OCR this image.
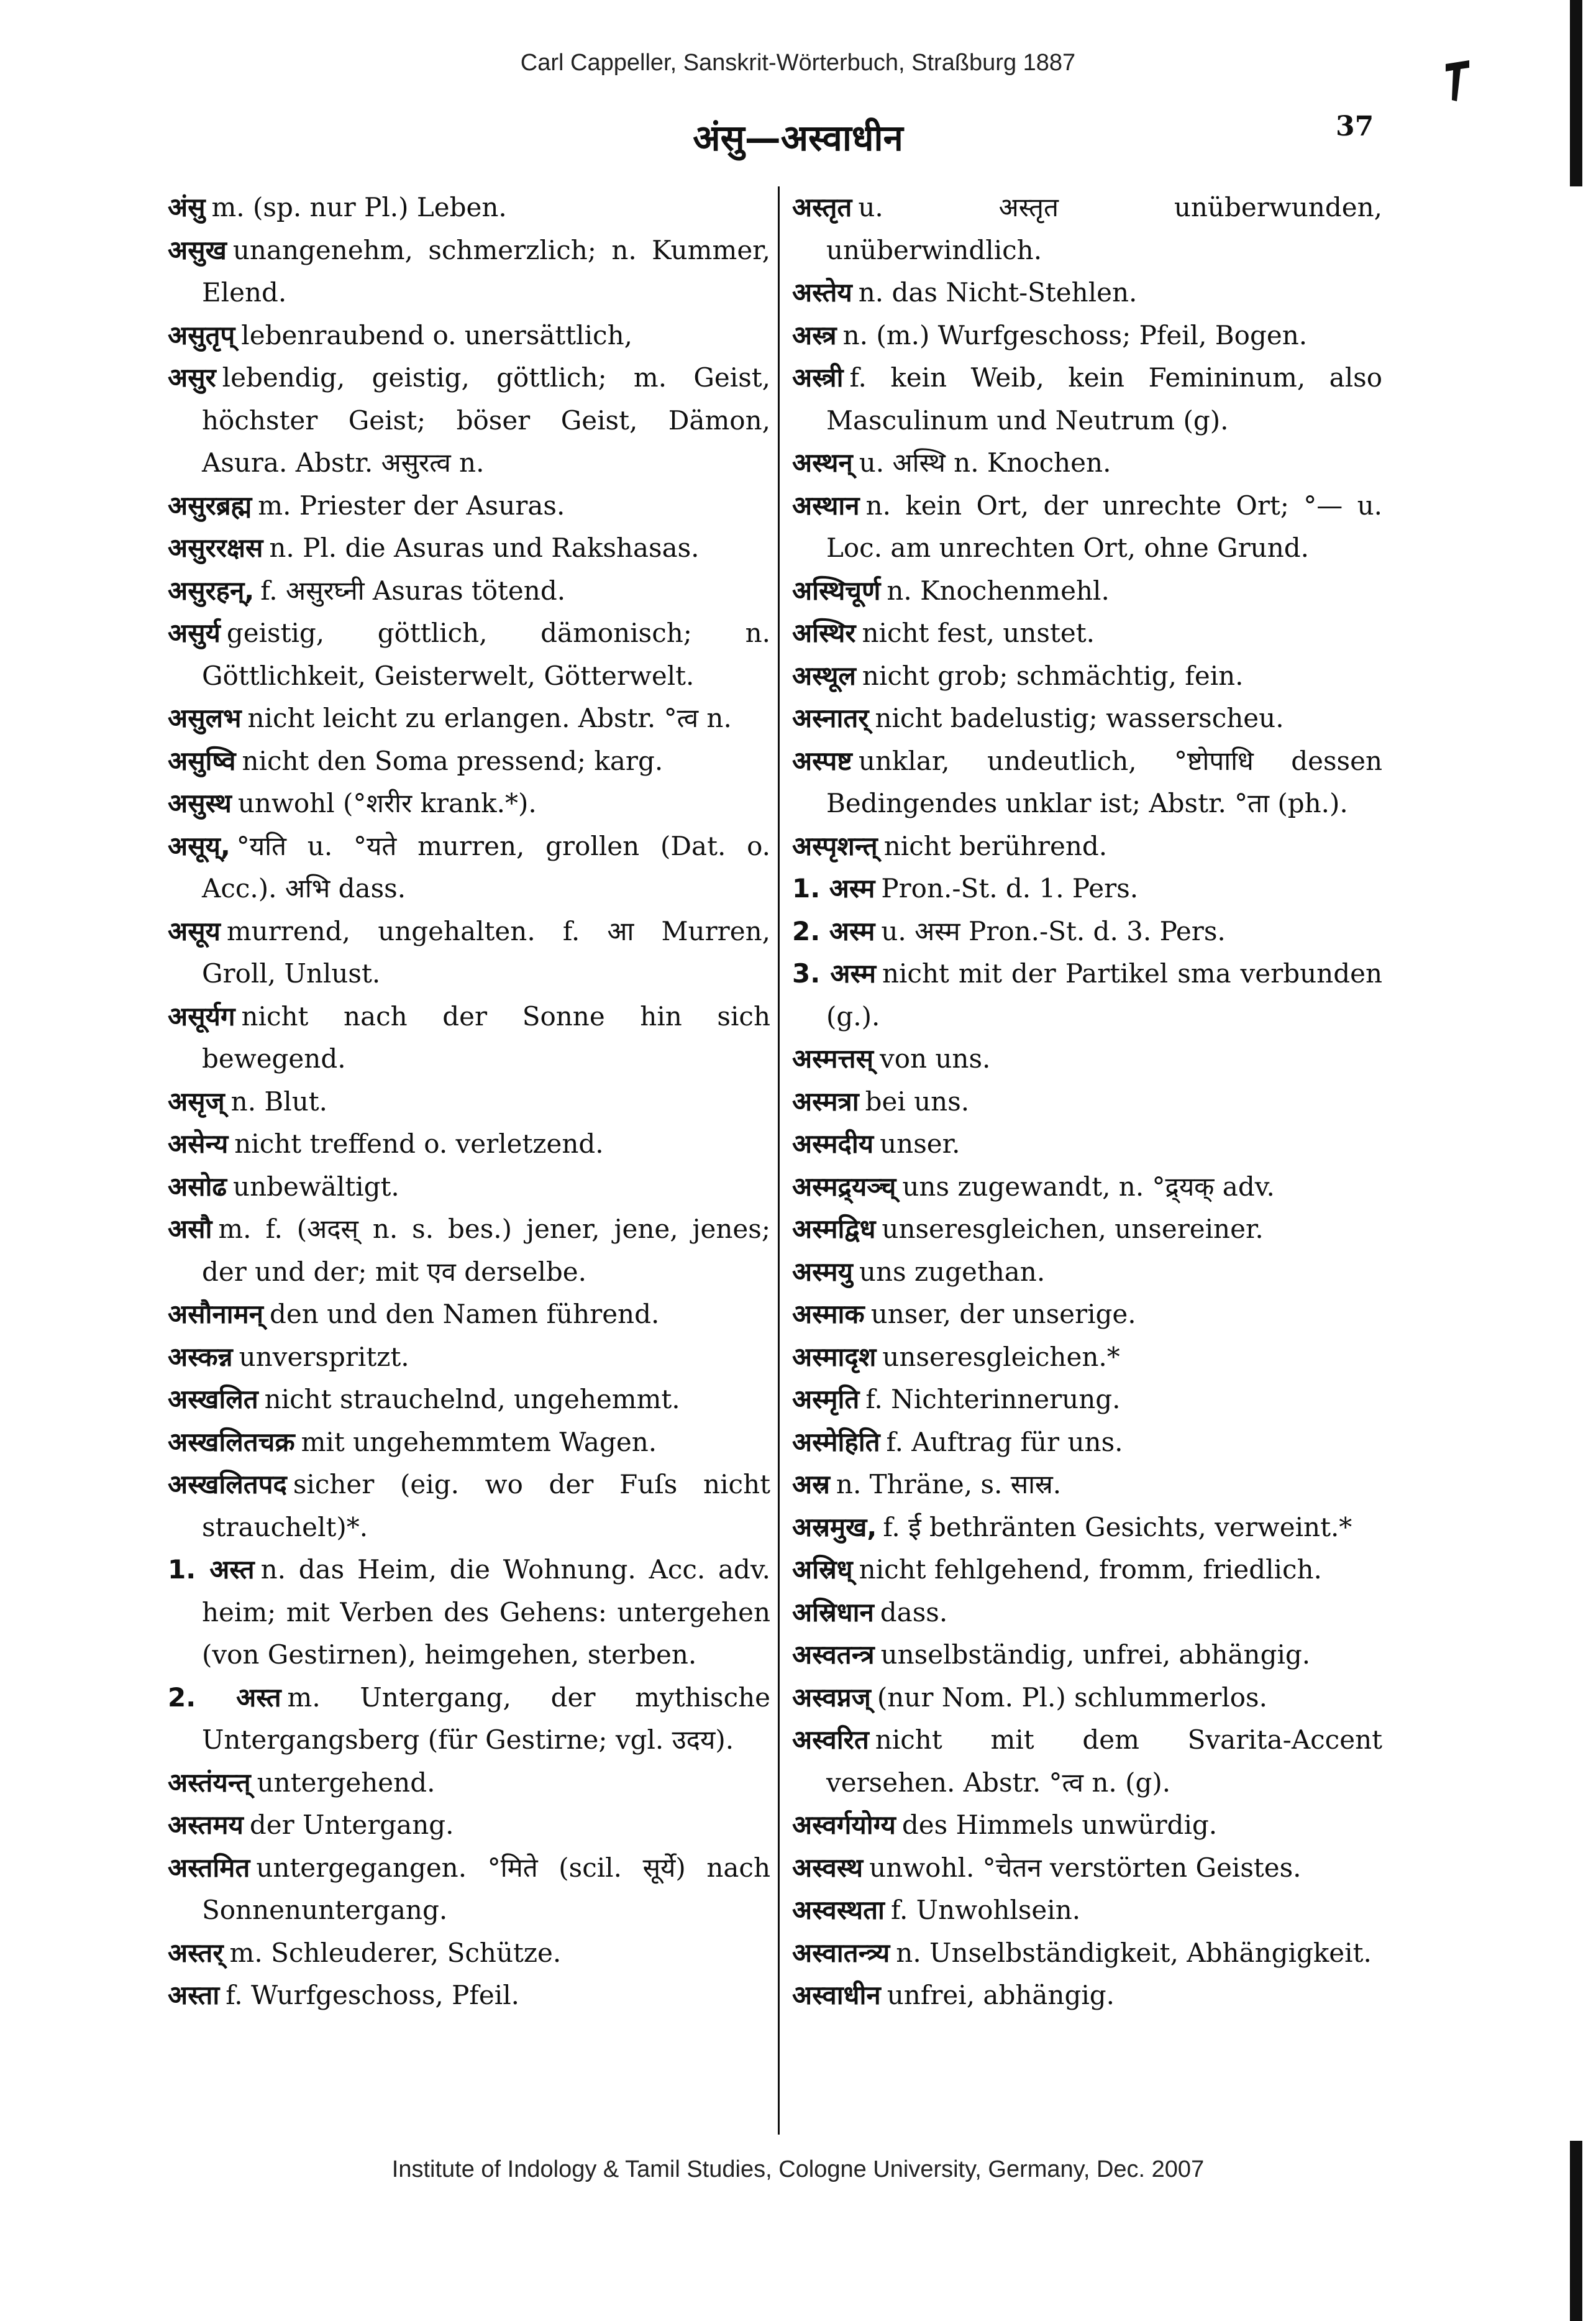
Carl Cappeller, Sanskrit-Wörterbuch, Straßburg 1887
अंसु—अस्वाधीन	37

अंसु m. (sp. nur Pl.) Leben.

असुख unangenehm, schmerzlich; n. Kummer, Elend.

असुतृप् lebenraubend o. unersättlich,

असुर lebendig, geistig, göttlich; m. Geist, höchster Geist; böser Geist, Dämon, Asura. Abstr. असुरत्व n.

असुरब्रह्म m. Priester der Asuras.

असुररक्षस n. Pl. die Asuras und Rakshasas.

असुरहन्, f. असुरघ्नी Asuras tötend.

असुर्य geistig, göttlich, dämonisch; n. Göttlichkeit, Geisterwelt, Götterwelt.

असुलभ nicht leicht zu erlangen. Abstr. °त्व n.

असुष्वि nicht den Soma pressend; karg.

असुस्थ unwohl (°शरीर krank.*).

असूय्, °यति u. °यते murren, grollen (Dat. o. Acc.). अभि dass.

असूय murrend, ungehalten. f. आ Murren, Groll, Unlust.

असूर्यग nicht nach der Sonne hin sich bewegend.

असृज् n. Blut.

असेन्य nicht treffend o. verletzend.

असोढ unbewältigt.

असौ m. f. (अदस् n. s. bes.) jener, jene, jenes; der und der; mit एव derselbe.

असौनामन् den und den Namen führend.

अस्कन्न unverspritzt.

अस्खलित nicht strauchelnd, ungehemmt.

अस्खलितचक्र mit ungehemmtem Wagen.

अस्खलितपद sicher (eig. wo der Fuſs nicht strauchelt)*.

1. अस्त n. das Heim, die Wohnung. Acc. adv. heim; mit Verben des Gehens: untergehen (von Gestirnen), heimgehen, sterben.

2. अस्त m. Untergang, der mythische Untergangsberg (für Gestirne; vgl. उदय).

अस्तंयन्त् untergehend.

अस्तमय der Untergang.

अस्तमित untergegangen. °मिते (scil. सूर्ये) nach Sonnenuntergang.

अस्तर् m. Schleuderer, Schütze.

अस्ता f. Wurfgeschoss, Pfeil.

अस्तृत u. अस्तृत unüberwunden, unüberwindlich.

अस्तेय n. das Nicht-Stehlen.

अस्त्र n. (m.) Wurfgeschoss; Pfeil, Bogen.

अस्त्री f. kein Weib, kein Femininum, also Masculinum und Neutrum (g).

अस्थन् u. अस्थि n. Knochen.

अस्थान n. kein Ort, der unrechte Ort; °— u. Loc. am unrechten Ort, ohne Grund.

अस्थिचूर्ण n. Knochenmehl.

अस्थिर nicht fest, unstet.

अस्थूल nicht grob; schmächtig, fein.

अस्नातर् nicht badelustig; wasserscheu.

अस्पष्ट unklar, undeutlich, °ष्टोपाधि dessen Bedingendes unklar ist; Abstr. °ता (ph.).

अस्पृशन्त् nicht berührend.

1. अस्म Pron.-St. d. 1. Pers.

2. अस्म u. अस्म Pron.-St. d. 3. Pers.

3. अस्म nicht mit der Partikel sma verbunden (g.).

अस्मत्तस् von uns.

अस्मत्रा bei uns.

अस्मदीय unser.

अस्मद्र्यञ्च् uns zugewandt, n. °द्र्यक् adv.

अस्मद्विध unseresgleichen, unsereiner.

अस्मयु uns zugethan.

अस्माक unser, der unserige.

अस्मादृश unseresgleichen.*

अस्मृति f. Nichterinnerung.

अस्मेहिति f. Auftrag für uns.

अस्र n. Thräne, s. सास्र.

अस्रमुख, f. ई bethränten Gesichts, verweint.*

अस्रिध् nicht fehlgehend, fromm, friedlich.

अस्रिधान dass.

अस्वतन्त्र unselbständig, unfrei, abhängig.

अस्वप्नज् (nur Nom. Pl.) schlummerlos.

अस्वरित nicht mit dem Svarita-Accent versehen. Abstr. °त्व n. (g).

अस्वर्गयोग्य des Himmels unwürdig.

अस्वस्थ unwohl. °चेतन verstörten Geistes.

अस्वस्थता f. Unwohlsein.

अस्वातन्त्र्य n. Unselbständigkeit, Abhängigkeit.

अस्वाधीन unfrei, abhängig.

Institute of Indology & Tamil Studies, Cologne University, Germany, Dec. 2007
